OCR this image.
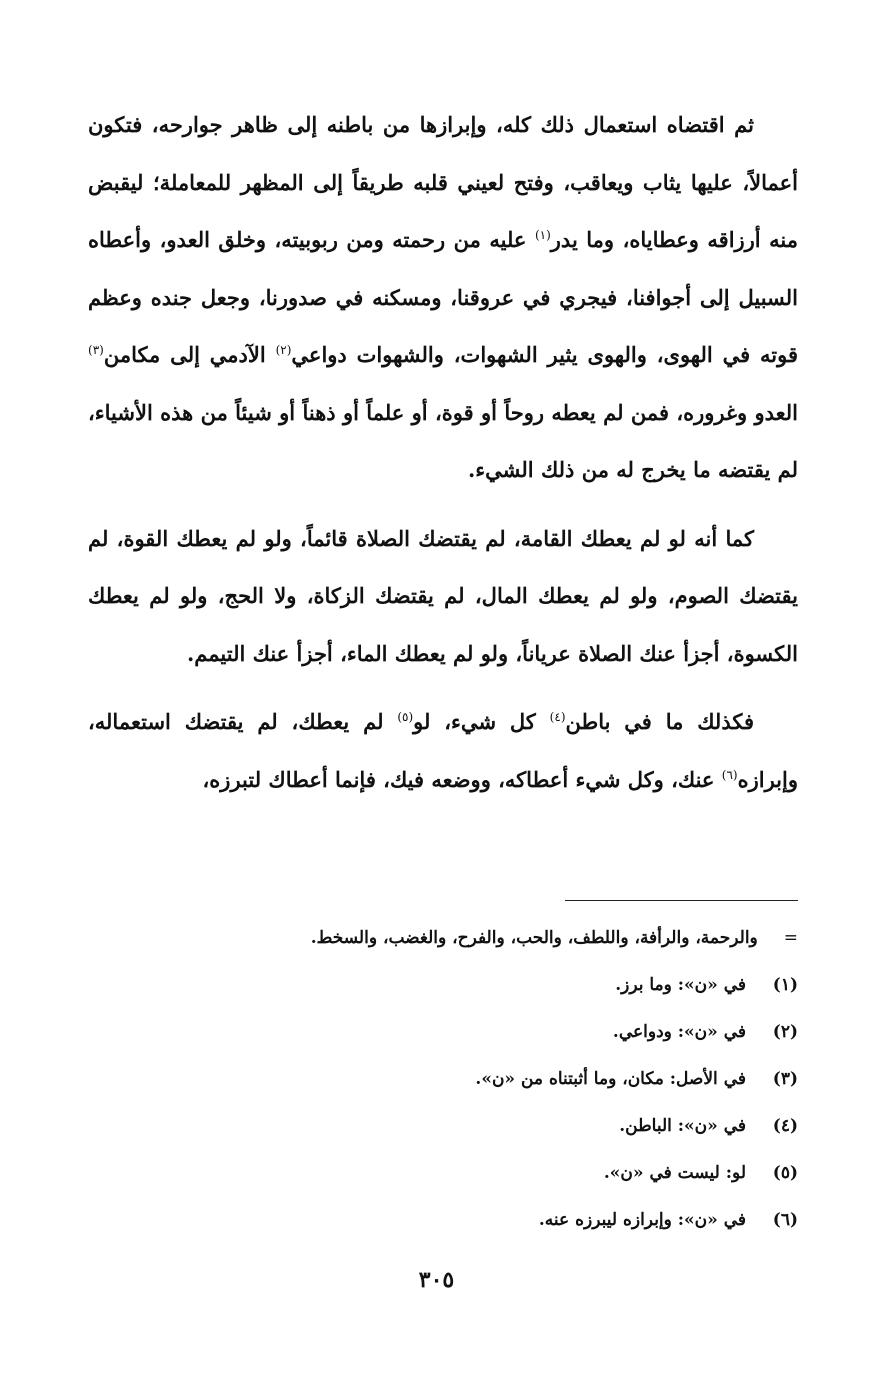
ثم اقتضاه استعمال ذلك كله، وإبرازها من باطنه إلى ظاهر جوارحه، فتكون أعمالاً، عليها يثاب ويعاقب، وفتح لعيني قلبه طريقاً إلى المظهر للمعاملة؛ ليقبض منه أرزاقه وعطاياه، وما يدر$^{(١)}$ عليه من رحمته ومن ربوبيته، وخلق العدو، وأعطاه السبيل إلى أجوافنا، فيجري في عروقنا، ومسكنه في صدورنا، وجعل جنده وعظم قوته في الهوى، والهوى يثير الشهوات، والشهوات دواعي$^{(٢)}$ الآدمي إلى مكامن$^{(٣)}$ العدو وغروره، فمن لم يعطه روحاً أو قوة، أو علماً أو ذهناً أو شيئاً من هذه الأشياء، لم يقتضه ما يخرج له من ذلك الشيء.

كما أنه لو لم يعطك القامة، لم يقتضك الصلاة قائماً، ولو لم يعطك القوة، لم يقتضك الصوم، ولو لم يعطك المال، لم يقتضك الزكاة، ولا الحج، ولو لم يعطك الكسوة، أجزأ عنك الصلاة عرياناً، ولو لم يعطك الماء، أجزأ عنك التيمم.

فكذلك ما في باطن$^{(٤)}$ كل شيء، لو$^{(٥)}$ لم يعطك، لم يقتضك استعماله، وإبرازه$^{(٦)}$ عنك، وكل شيء أعطاكه، ووضعه فيك، فإنما أعطاك لتبرزه،

=والرحمة، والرأفة، واللطف، والحب، والفرح، والغضب، والسخط.
(١)في «ن»: وما برز.
(٢)في «ن»: ودواعي.
(٣)في الأصل: مكان، وما أثبتناه من «ن».
(٤)في «ن»: الباطن.
(٥)لو: ليست في «ن».
(٦)في «ن»: وإبرازه ليبرزه عنه.
٣٠٥
